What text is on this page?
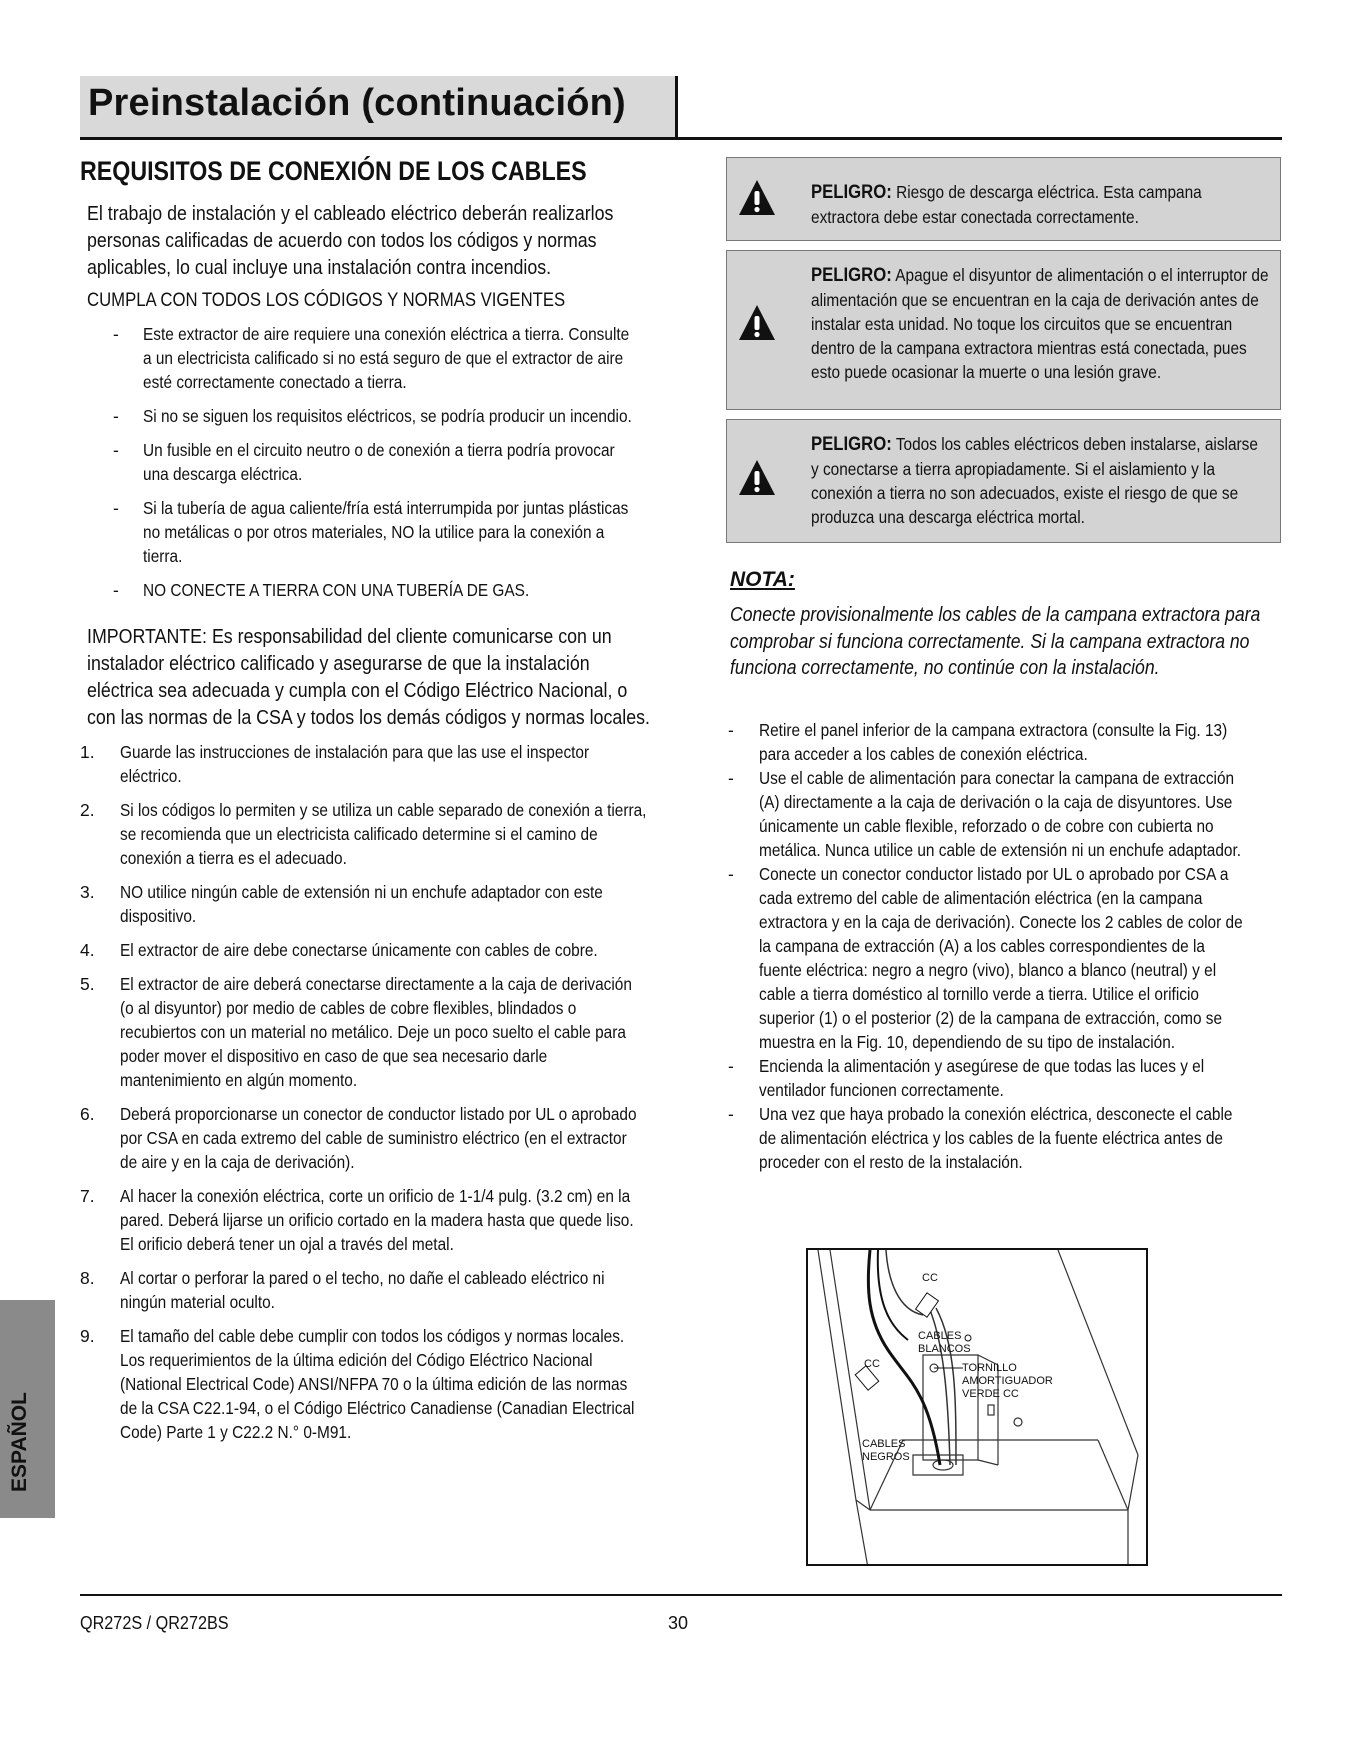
Preinstalación (continuación)
REQUISITOS DE CONEXIÓN DE LOS CABLES
El trabajo de instalación y el cableado eléctrico deberán realizarlos personas calificadas de acuerdo con todos los códigos y normas aplicables, lo cual incluye una instalación contra incendios.
CUMPLA CON TODOS LOS CÓDIGOS Y NORMAS VIGENTES
- Este extractor de aire requiere una conexión eléctrica a tierra. Consulte a un electricista calificado si no está seguro de que el extractor de aire esté correctamente conectado a tierra.
- Si no se siguen los requisitos eléctricos, se podría producir un incendio.
- Un fusible en el circuito neutro o de conexión a tierra podría provocar una descarga eléctrica.
- Si la tubería de agua caliente/fría está interrumpida por juntas plásticas no metálicas o por otros materiales, NO la utilice para la conexión a tierra.
- NO CONECTE A TIERRA CON UNA TUBERÍA DE GAS.
IMPORTANTE: Es responsabilidad del cliente comunicarse con un instalador eléctrico calificado y asegurarse de que la instalación eléctrica sea adecuada y cumpla con el Código Eléctrico Nacional, o con las normas de la CSA y todos los demás códigos y normas locales.
1. Guarde las instrucciones de instalación para que las use el inspector eléctrico.
2. Si los códigos lo permiten y se utiliza un cable separado de conexión a tierra, se recomienda que un electricista calificado determine si el camino de conexión a tierra es el adecuado.
3. NO utilice ningún cable de extensión ni un enchufe adaptador con este dispositivo.
4. El extractor de aire debe conectarse únicamente con cables de cobre.
5. El extractor de aire deberá conectarse directamente a la caja de derivación (o al disyuntor) por medio de cables de cobre flexibles, blindados o recubiertos con un material no metálico. Deje un poco suelto el cable para poder mover el dispositivo en caso de que sea necesario darle mantenimiento en algún momento.
6. Deberá proporcionarse un conector de conductor listado por UL o aprobado por CSA en cada extremo del cable de suministro eléctrico (en el extractor de aire y en la caja de derivación).
7. Al hacer la conexión eléctrica, corte un orificio de 1-1/4 pulg. (3.2 cm) en la pared. Deberá lijarse un orificio cortado en la madera hasta que quede liso. El orificio deberá tener un ojal a través del metal.
8. Al cortar o perforar la pared o el techo, no dañe el cableado eléctrico ni ningún material oculto.
9. El tamaño del cable debe cumplir con todos los códigos y normas locales. Los requerimientos de la última edición del Código Eléctrico Nacional (National Electrical Code) ANSI/NFPA 70 o la última edición de las normas de la CSA C22.1-94, o el Código Eléctrico Canadiense (Canadian Electrical Code) Parte 1 y C22.2 N.° 0-M91.
ESPAÑOL
PELIGRO: Riesgo de descarga eléctrica. Esta campana extractora debe estar conectada correctamente.
PELIGRO: Apague el disyuntor de alimentación o el interruptor de alimentación que se encuentran en la caja de derivación antes de instalar esta unidad. No toque los circuitos que se encuentran dentro de la campana extractora mientras está conectada, pues esto puede ocasionar la muerte o una lesión grave.
PELIGRO: Todos los cables eléctricos deben instalarse, aislarse y conectarse a tierra apropiadamente. Si el aislamiento y la conexión a tierra no son adecuados, existe el riesgo de que se produzca una descarga eléctrica mortal.
NOTA:
Conecte provisionalmente los cables de la campana extractora para comprobar si funciona correctamente. Si la campana extractora no funciona correctamente, no continúe con la instalación.
- Retire el panel inferior de la campana extractora (consulte la Fig. 13) para acceder a los cables de conexión eléctrica.
- Use el cable de alimentación para conectar la campana de extracción (A) directamente a la caja de derivación o la caja de disyuntores. Use únicamente un cable flexible, reforzado o de cobre con cubierta no metálica. Nunca utilice un cable de extensión ni un enchufe adaptador.
- Conecte un conector conductor listado por UL o aprobado por CSA a cada extremo del cable de alimentación eléctrica (en la campana extractora y en la caja de derivación). Conecte los 2 cables de color de la campana de extracción (A) a los cables correspondientes de la fuente eléctrica: negro a negro (vivo), blanco a blanco (neutral) y el cable a tierra doméstico al tornillo verde a tierra. Utilice el orificio superior (1) o el posterior (2) de la campana de extracción, como se muestra en la Fig. 10, dependiendo de su tipo de instalación.
- Encienda la alimentación y asegúrese de que todas las luces y el ventilador funcionen correctamente.
- Una vez que haya probado la conexión eléctrica, desconecte el cable de alimentación eléctrica y los cables de la fuente eléctrica antes de proceder con el resto de la instalación.
CC
CABLES
BLANCOS
CC	TORNILLO
AMORTIGUADOR
VERDE CC
CABLES
NEGROS
QR272S / QR272BS	30
